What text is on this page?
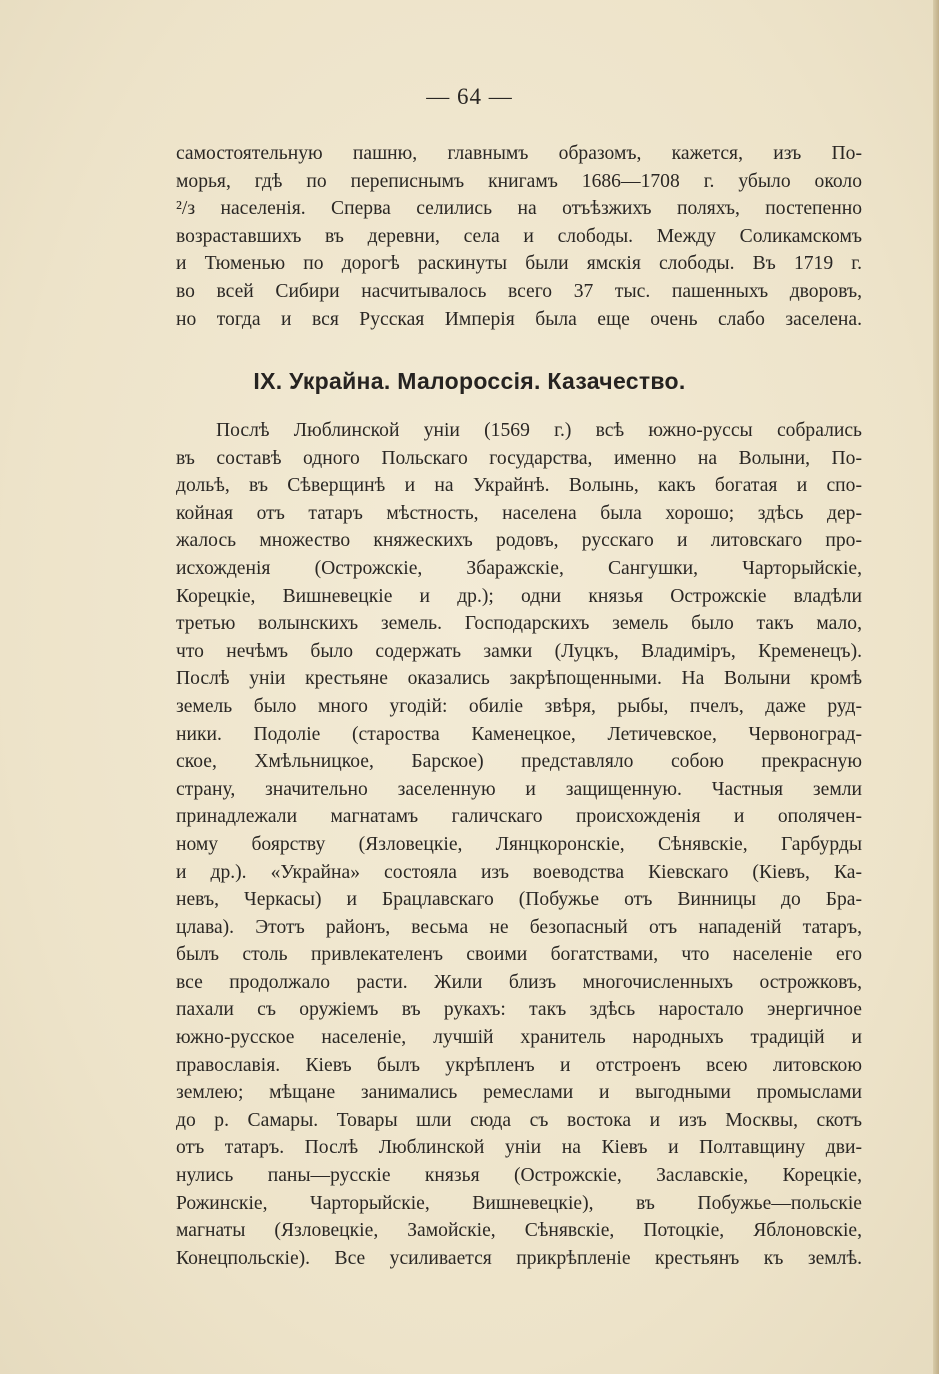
— 64 —
самостоятельную пашню, главнымъ образомъ, кажется, изъ По-
морья, гдѣ по переписнымъ книгамъ 1686—1708 г. убыло около
²/з населенія. Сперва селились на отъѣзжихъ поляхъ, постепенно
возраставшихъ въ деревни, села и слободы. Между Соликамскомъ
и Тюменью по дорогѣ раскинуты были ямскія слободы. Въ 1719 г.
во всей Сибири насчитывалось всего 37 тыс. пашенныхъ дворовъ,
но тогда и вся Русская Имперія была еще очень слабо заселена.
IX. Украйна. Малороссія. Казачество.
Послѣ Люблинской уніи (1569 г.) всѣ южно-руссы собрались
въ составѣ одного Польскаго государства, именно на Волыни, По-
дольѣ, въ Сѣверщинѣ и на Украйнѣ. Волынь, какъ богатая и спо-
койная отъ татаръ мѣстность, населена была хорошо; здѣсь дер-
жалось множество княжескихъ родовъ, русскаго и литовскаго про-
исхожденія (Острожскіе, Збаражскіе, Сангушки, Чарторыйскіе,
Корецкіе, Вишневецкіе и др.); одни князья Острожскіе владѣли
третью волынскихъ земель. Господарскихъ земель было такъ мало,
что нечѣмъ было содержать замки (Луцкъ, Владиміръ, Кременецъ).
Послѣ уніи крестьяне оказались закрѣпощенными. На Волыни кромѣ
земель было много угодій: обиліе звѣря, рыбы, пчелъ, даже руд-
ники. Подоліе (староства Каменецкое, Летичевское, Червоноград-
ское, Хмѣльницкое, Барское) представляло собою прекрасную
страну, значительно заселенную и защищенную. Частныя земли
принадлежали магнатамъ галичскаго происхожденія и ополячен-
ному боярству (Язловецкіе, Лянцкоронскіе, Сѣнявскіе, Гарбурды
и др.). «Украйна» состояла изъ воеводства Кіевскаго (Кіевъ, Ка-
невъ, Черкасы) и Брацлавскаго (Побужье отъ Винницы до Бра-
цлава). Этотъ районъ, весьма не безопасный отъ нападеній татаръ,
былъ столь привлекателенъ своими богатствами, что населеніе его
все продолжало расти. Жили близъ многочисленныхъ острожковъ,
пахали съ оружіемъ въ рукахъ: такъ здѣсь наростало энергичное
южно-русское населеніе, лучшій хранитель народныхъ традицій и
православія. Кіевъ былъ укрѣпленъ и отстроенъ всею литовскою
землею; мѣщане занимались ремеслами и выгодными промыслами
до р. Самары. Товары шли сюда съ востока и изъ Москвы, скотъ
отъ татаръ. Послѣ Люблинской уніи на Кіевъ и Полтавщину дви-
нулись паны—русскіе князья (Острожскіе, Заславскіе, Корецкіе,
Рожинскіе, Чарторыйскіе, Вишневецкіе), въ Побужье—польскіе
магнаты (Язловецкіе, Замойскіе, Сѣнявскіе, Потоцкіе, Яблоновскіе,
Конецпольскіе). Все усиливается прикрѣпленіе крестьянъ къ землѣ.
